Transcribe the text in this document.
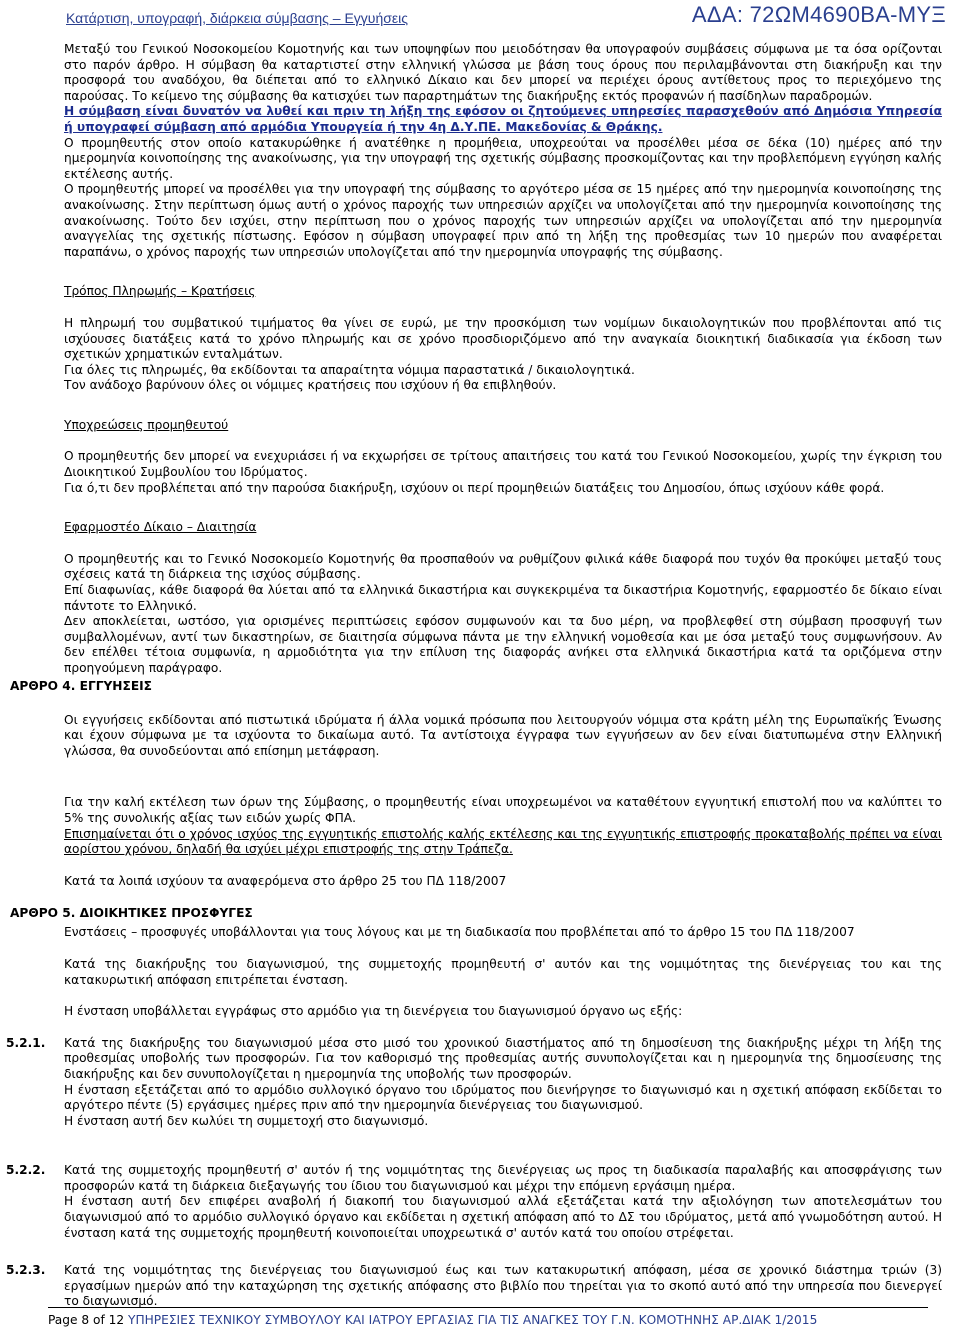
Κατάρτιση, υπογραφή, διάρκεια σύμβασης – Εγγυήσεις	ΑΔΑ: 72ΩΜ4690ΒΑ-ΜΥΞ

Μεταξύ του Γενικού Νοσοκομείου Κομοτηνής και των υποψηφίων που μειοδότησαν θα υπογραφούν συμβάσεις σύμφωνα με τα όσα ορίζονται στο παρόν άρθρο. Η σύμβαση θα καταρτιστεί στην ελληνική γλώσσα με βάση τους όρους που περιλαμβάνονται στη διακήρυξη και την προσφορά του αναδόχου, θα διέπεται από το ελληνικό Δίκαιο και δεν μπορεί να περιέχει όρους αντίθετους προς το περιεχόμενο της παρούσας. Το κείμενο της σύμβασης θα κατισχύει των παραρτημάτων της διακήρυξης εκτός προφανών ή πασίδηλων παραδρομών.

Η σύμβαση είναι δυνατόν να λυθεί και πριν τη λήξη της εφόσον οι ζητούμενες υπηρεσίες παρασχεθούν από Δημόσια Υπηρεσία ή υπογραφεί σύμβαση από αρμόδια Υπουργεία ή την 4η Δ.Υ.ΠΕ. Μακεδονίας & Θράκης.

Ο προμηθευτής στον οποίο κατακυρώθηκε ή ανατέθηκε η προμήθεια, υποχρεούται να προσέλθει μέσα σε δέκα (10) ημέρες από την ημερομηνία κοινοποίησης της ανακοίνωσης, για την υπογραφή της σχετικής σύμβασης προσκομίζοντας και την προβλεπόμενη εγγύηση καλής εκτέλεσης αυτής.

Ο προμηθευτής μπορεί να προσέλθει για την υπογραφή της σύμβασης το αργότερο μέσα σε 15 ημέρες από την ημερομηνία κοινοποίησης της ανακοίνωσης. Στην περίπτωση όμως αυτή ο χρόνος παροχής των υπηρεσιών αρχίζει να υπολογίζεται από την ημερομηνία κοινοποίησης της ανακοίνωσης. Τούτο δεν ισχύει, στην περίπτωση που ο χρόνος παροχής των υπηρεσιών αρχίζει να υπολογίζεται από την ημερομηνία αναγγελίας της σχετικής πίστωσης. Εφόσον η σύμβαση υπογραφεί πριν από τη λήξη της προθεσμίας των 10 ημερών που αναφέρεται παραπάνω, ο χρόνος παροχής των υπηρεσιών υπολογίζεται από την ημερομηνία υπογραφής της σύμβασης.

Τρόπος Πληρωμής – Κρατήσεις

Η πληρωμή του συμβατικού τιμήματος θα γίνει σε ευρώ, με την προσκόμιση των νομίμων δικαιολογητικών που προβλέπονται από τις ισχύουσες διατάξεις κατά το χρόνο πληρωμής και σε χρόνο προσδιοριζόμενο από την αναγκαία διοικητική διαδικασία για έκδοση των σχετικών χρηματικών ενταλμάτων.

Για όλες τις πληρωμές, θα εκδίδονται τα απαραίτητα νόμιμα παραστατικά / δικαιολογητικά.

Τον ανάδοχο βαρύνουν όλες οι νόμιμες κρατήσεις που ισχύουν ή θα επιβληθούν.

Υποχρεώσεις προμηθευτού

Ο προμηθευτής δεν μπορεί να ενεχυριάσει ή να εκχωρήσει σε τρίτους απαιτήσεις του κατά του Γενικού Νοσοκομείου, χωρίς την έγκριση του Διοικητικού Συμβουλίου του Ιδρύματος.

Για ό,τι δεν προβλέπεται από την παρούσα διακήρυξη, ισχύουν οι περί προμηθειών διατάξεις του Δημοσίου, όπως ισχύουν κάθε φορά.

Εφαρμοστέο Δίκαιο – Διαιτησία

Ο προμηθευτής και το Γενικό Νοσοκομείο Κομοτηνής θα προσπαθούν να ρυθμίζουν φιλικά κάθε διαφορά που τυχόν θα προκύψει μεταξύ τους σχέσεις κατά τη διάρκεια της ισχύος σύμβασης.

Επί διαφωνίας, κάθε διαφορά θα λύεται από τα ελληνικά δικαστήρια και συγκεκριμένα τα δικαστήρια Κομοτηνής, εφαρμοστέο δε δίκαιο είναι πάντοτε το Ελληνικό.

Δεν αποκλείεται, ωστόσο, για ορισμένες περιπτώσεις εφόσον συμφωνούν και τα δυο μέρη, να προβλεφθεί στη σύμβαση προσφυγή των συμβαλλομένων, αντί των δικαστηρίων, σε διαιτησία σύμφωνα πάντα με την ελληνική νομοθεσία και με όσα μεταξύ τους συμφωνήσουν. Αν δεν επέλθει τέτοια συμφωνία, η αρμοδιότητα για την επίλυση της διαφοράς ανήκει στα ελληνικά δικαστήρια κατά τα οριζόμενα στην προηγούμενη παράγραφο.

Οι εγγυήσεις εκδίδονται από πιστωτικά ιδρύματα ή άλλα νομικά πρόσωπα που λειτουργούν νόμιμα στα κράτη μέλη της Ευρωπαϊκής Ένωσης και έχουν σύμφωνα με τα ισχύοντα το δικαίωμα αυτό. Τα αντίστοιχα έγγραφα των εγγυήσεων αν δεν είναι διατυπωμένα στην Ελληνική γλώσσα, θα συνοδεύονται από επίσημη μετάφραση.

Για την καλή εκτέλεση των όρων της Σύμβασης, ο προμηθευτής είναι υποχρεωμένοι να καταθέτουν εγγυητική επιστολή που να καλύπτει το 5% της συνολικής αξίας των ειδών χωρίς ΦΠΑ.

Επισημαίνεται ότι ο χρόνος ισχύος της εγγυητικής επιστολής καλής εκτέλεσης και της εγγυητικής επιστροφής προκαταβολής πρέπει να είναι αορίστου χρόνου, δηλαδή θα ισχύει μέχρι επιστροφής της στην Τράπεζα.

Κατά τα λοιπά ισχύουν τα αναφερόμενα στο άρθρο 25 του ΠΔ 118/2007

Ενστάσεις – προσφυγές υποβάλλονται για τους λόγους και με τη διαδικασία που προβλέπεται από το άρθρο 15 του ΠΔ 118/2007

Κατά της διακήρυξης του διαγωνισμού, της συμμετοχής προμηθευτή σ' αυτόν και της νομιμότητας της διενέργειας του και της κατακυρωτική απόφαση επιτρέπεται ένσταση.

Η ένσταση υποβάλλεται εγγράφως στο αρμόδιο για τη διενέργεια του διαγωνισμού όργανο ως εξής:

5.2.1. Κατά της διακήρυξης του διαγωνισμού μέσα στο μισό του χρονικού διαστήματος από τη δημοσίευση της διακήρυξης μέχρι τη λήξη της προθεσμίας υποβολής των προσφορών. Για τον καθορισμό της προθεσμίας αυτής συνυπολογίζεται και η ημερομηνία της δημοσίευσης της διακήρυξης και δεν συνυπολογίζεται η ημερομηνία της υποβολής των προσφορών.

Η ένσταση εξετάζεται από το αρμόδιο συλλογικό όργανο του ιδρύματος που διενήργησε το διαγωνισμό και η σχετική απόφαση εκδίδεται το αργότερο πέντε (5) εργάσιμες ημέρες πριν από την ημερομηνία διενέργειας του διαγωνισμού.

Η ένσταση αυτή δεν κωλύει τη συμμετοχή στο διαγωνισμό.

5.2.2. Κατά της συμμετοχής προμηθευτή σ' αυτόν ή της νομιμότητας της διενέργειας ως προς τη διαδικασία παραλαβής και αποσφράγισης των προσφορών κατά τη διάρκεια διεξαγωγής του ίδιου του διαγωνισμού και μέχρι την επόμενη εργάσιμη ημέρα.

Η ένσταση αυτή δεν επιφέρει αναβολή ή διακοπή του διαγωνισμού αλλά εξετάζεται κατά την αξιολόγηση των αποτελεσμάτων του διαγωνισμού από το αρμόδιο συλλογικό όργανο και εκδίδεται η σχετική απόφαση από το ΔΣ του ιδρύματος, μετά από γνωμοδότηση αυτού. Η ένσταση κατά της συμμετοχής προμηθευτή κοινοποιείται υποχρεωτικά σ' αυτόν κατά του οποίου στρέφεται.

5.2.3. Κατά της νομιμότητας της διενέργειας του διαγωνισμού έως και των κατακυρωτική απόφαση, μέσα σε χρονικό διάστημα τριών (3) εργασίμων ημερών από την καταχώρηση της σχετικής απόφασης στο βιβλίο που τηρείται για το σκοπό αυτό από την υπηρεσία που διενεργεί το διαγωνισμό.

ΑΡΘΡΟ 4. ΕΓΓΥΗΣΕΙΣ
ΑΡΘΡΟ 5. ΔΙΟΙΚΗΤΙΚΕΣ ΠΡΟΣΦΥΓΕΣ
Page 8 of 12 ΥΠΗΡΕΣΙΕΣ ΤΕΧΝΙΚΟΥ ΣΥΜΒΟΥΛΟΥ ΚΑΙ ΙΑΤΡΟΥ ΕΡΓΑΣΙΑΣ ΓΙΑ ΤΙΣ ΑΝΑΓΚΕΣ ΤΟΥ Γ.Ν. ΚΟΜΟΤΗΝΗΣ ΑΡ.ΔΙΑΚ 1/2015
